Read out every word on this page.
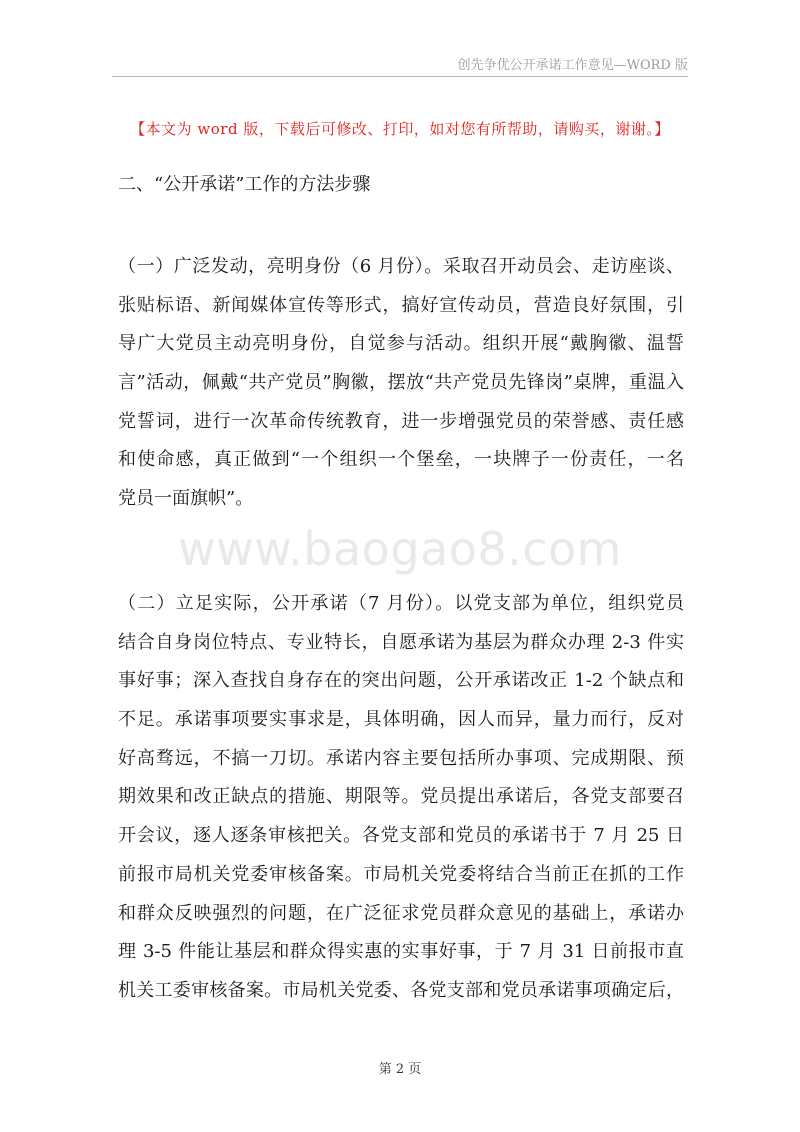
创先争优公开承诺工作意见—WORD 版
【本文为 word 版，下载后可修改、打印，如对您有所帮助，请购买，谢谢。】
二、“公开承诺”工作的方法步骤
www.baogao8.com
（一）广泛发动，亮明身份（6 月份）。采取召开动员会、走访座谈、
张贴标语、新闻媒体宣传等形式，搞好宣传动员，营造良好氛围，引
导广大党员主动亮明身份，自觉参与活动。组织开展“戴胸徽、温誓
言”活动，佩戴“共产党员”胸徽，摆放“共产党员先锋岗”桌牌，重温入
党誓词，进行一次革命传统教育，进一步增强党员的荣誉感、责任感
和使命感，真正做到“一个组织一个堡垒，一块牌子一份责任，一名
党员一面旗帜”。
（二）立足实际，公开承诺（7 月份）。以党支部为单位，组织党员
结合自身岗位特点、专业特长，自愿承诺为基层为群众办理 2-3 件实
事好事；深入查找自身存在的突出问题，公开承诺改正 1-2 个缺点和
不足。承诺事项要实事求是，具体明确，因人而异，量力而行，反对
好高骛远，不搞一刀切。承诺内容主要包括所办事项、完成期限、预
期效果和改正缺点的措施、期限等。党员提出承诺后，各党支部要召
开会议，逐人逐条审核把关。各党支部和党员的承诺书于 7 月 25 日
前报市局机关党委审核备案。市局机关党委将结合当前正在抓的工作
和群众反映强烈的问题，在广泛征求党员群众意见的基础上，承诺办
理 3-5 件能让基层和群众得实惠的实事好事，于 7 月 31 日前报市直
机关工委审核备案。市局机关党委、各党支部和党员承诺事项确定后，
第 2 页
